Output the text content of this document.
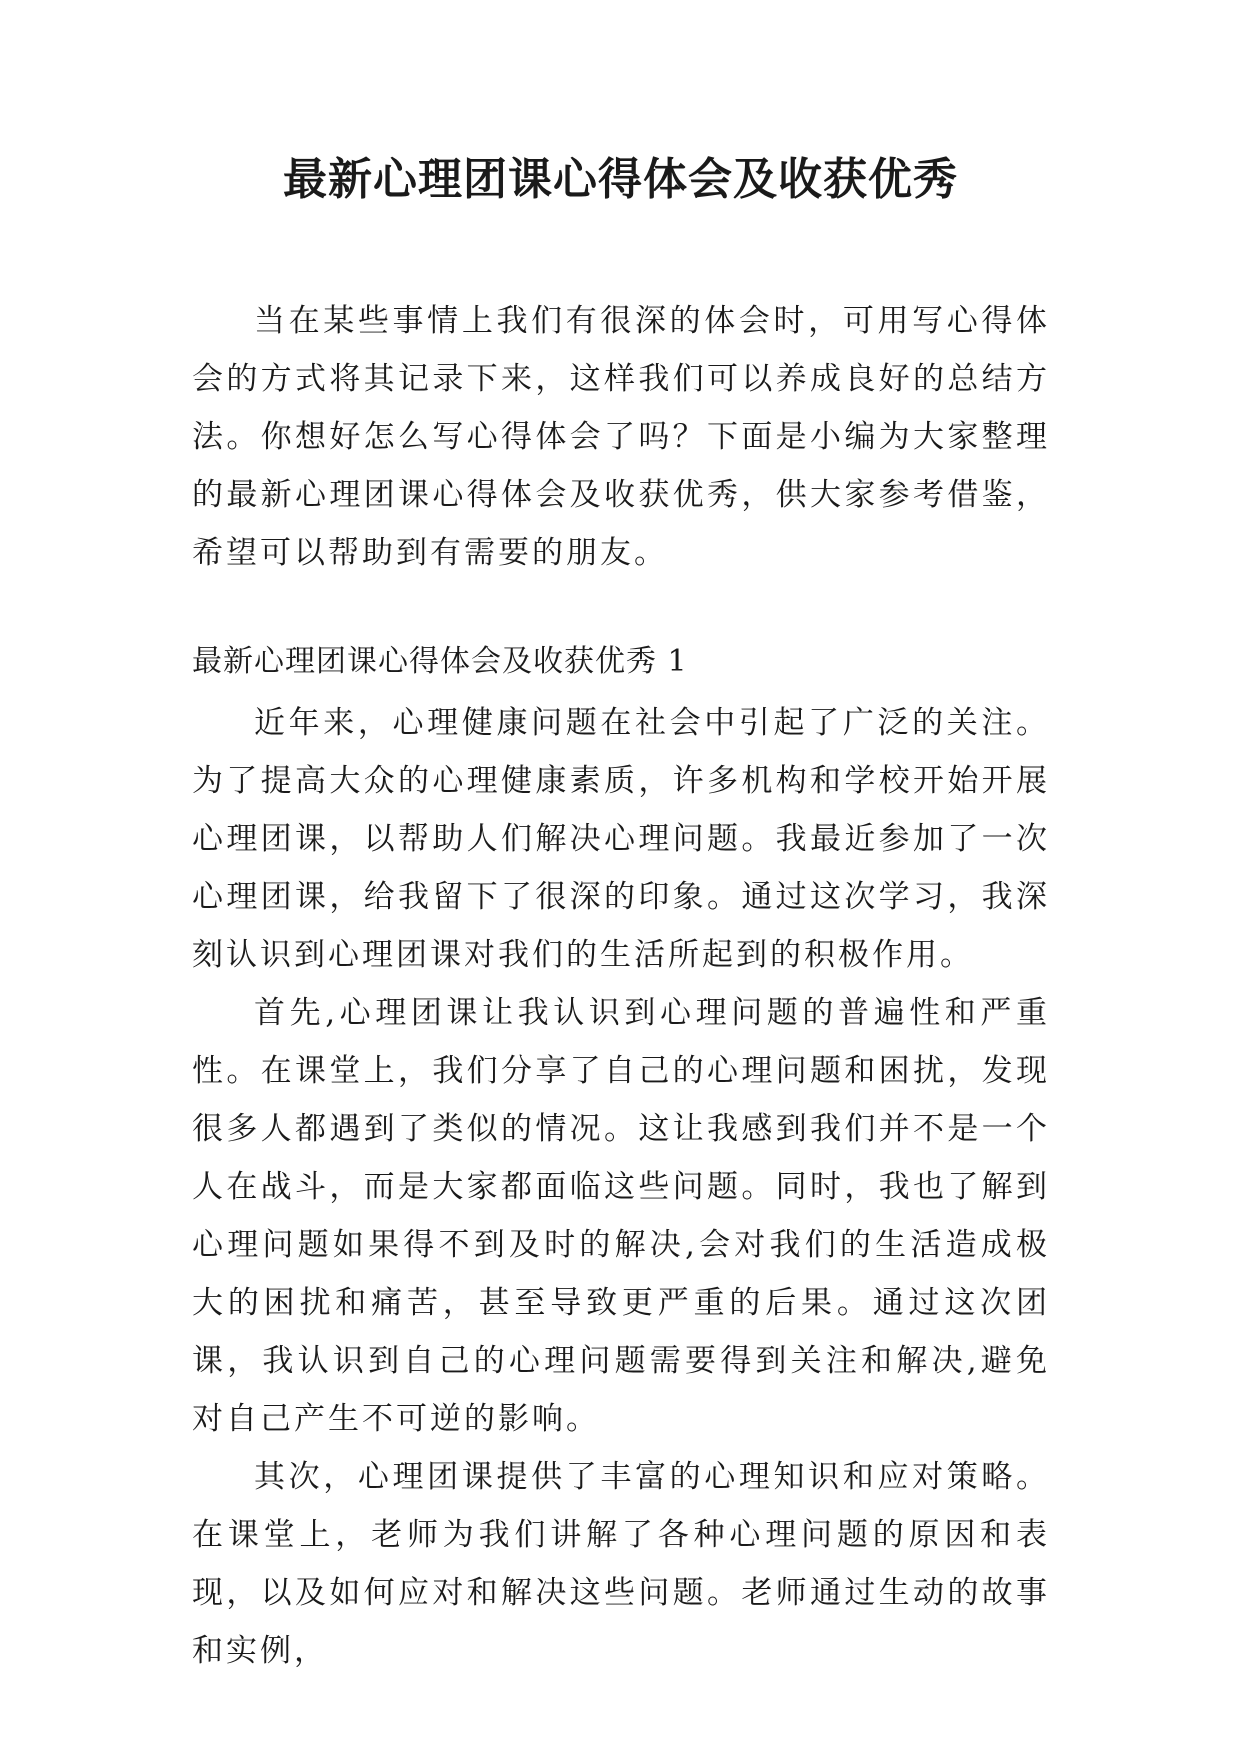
最新心理团课心得体会及收获优秀

当在某些事情上我们有很深的体会时，可用写心得体会的方式将其记录下来，这样我们可以养成良好的总结方法。你想好怎么写心得体会了吗？下面是小编为大家整理的最新心理团课心得体会及收获优秀，供大家参考借鉴，希望可以帮助到有需要的朋友。

最新心理团课心得体会及收获优秀 1

近年来，心理健康问题在社会中引起了广泛的关注。为了提高大众的心理健康素质，许多机构和学校开始开展心理团课，以帮助人们解决心理问题。我最近参加了一次心理团课，给我留下了很深的印象。通过这次学习，我深刻认识到心理团课对我们的生活所起到的积极作用。

首先,心理团课让我认识到心理问题的普遍性和严重性。在课堂上，我们分享了自己的心理问题和困扰，发现很多人都遇到了类似的情况。这让我感到我们并不是一个人在战斗，而是大家都面临这些问题。同时，我也了解到心理问题如果得不到及时的解决,会对我们的生活造成极大的困扰和痛苦，甚至导致更严重的后果。通过这次团课，我认识到自己的心理问题需要得到关注和解决,避免对自己产生不可逆的影响。

其次，心理团课提供了丰富的心理知识和应对策略。在课堂上，老师为我们讲解了各种心理问题的原因和表现，以及如何应对和解决这些问题。老师通过生动的故事和实例，
